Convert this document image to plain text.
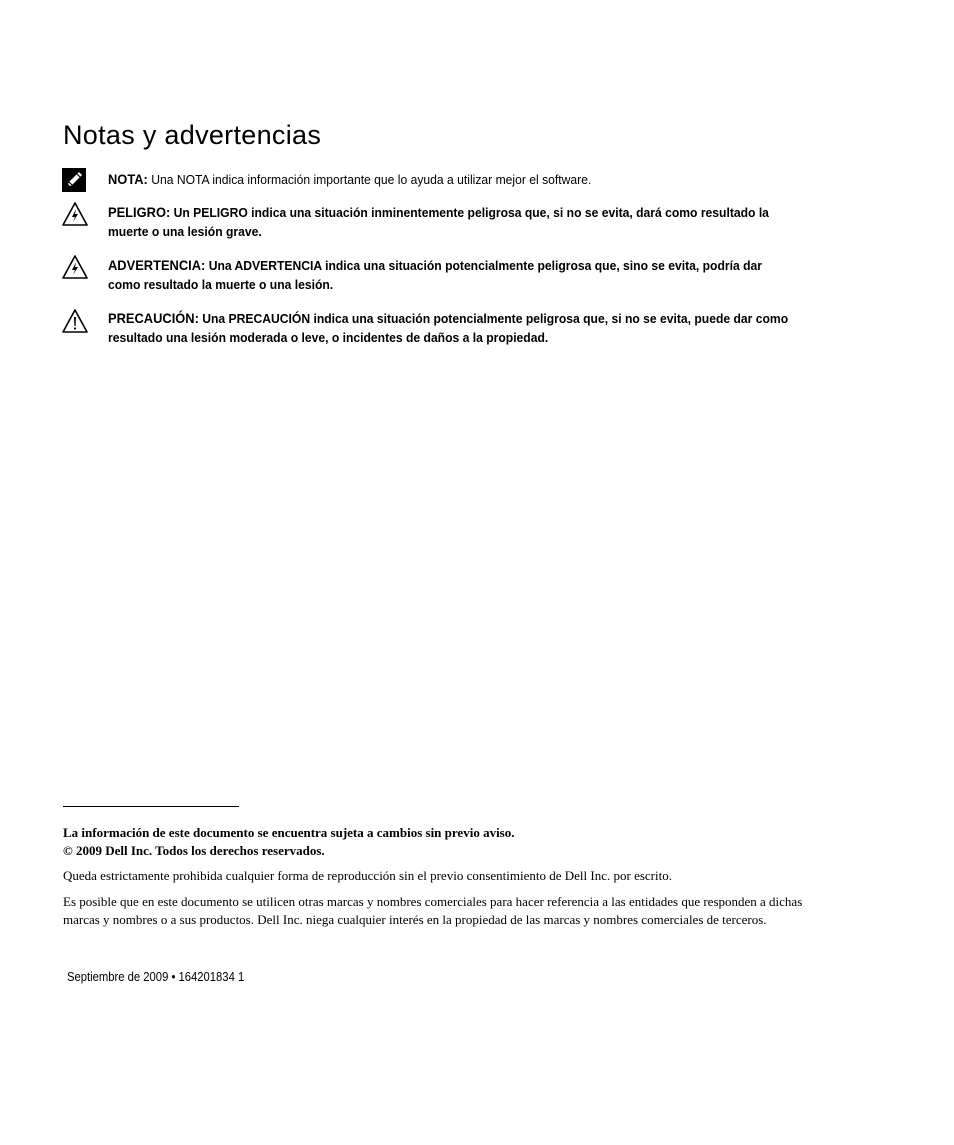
Notas y advertencias
NOTA: Una NOTA indica información importante que lo ayuda a utilizar mejor el software.
PELIGRO: Un PELIGRO indica una situación inminentemente peligrosa que, si no se evita, dará como resultado la muerte o una lesión grave.
ADVERTENCIA: Una ADVERTENCIA indica una situación potencialmente peligrosa que, sino se evita, podría dar como resultado la muerte o una lesión.
PRECAUCIÓN: Una PRECAUCIÓN indica una situación potencialmente peligrosa que, si no se evita, puede dar como resultado una lesión moderada o leve, o incidentes de daños a la propiedad.
La información de este documento se encuentra sujeta a cambios sin previo aviso.
© 2009 Dell Inc. Todos los derechos reservados.
Queda estrictamente prohibida cualquier forma de reproducción sin el previo consentimiento de Dell Inc. por escrito.
Es posible que en este documento se utilicen otras marcas y nombres comerciales para hacer referencia a las entidades que responden a dichas marcas y nombres o a sus productos. Dell Inc. niega cualquier interés en la propiedad de las marcas y nombres comerciales de terceros.
Septiembre de 2009 • 164201834 1
